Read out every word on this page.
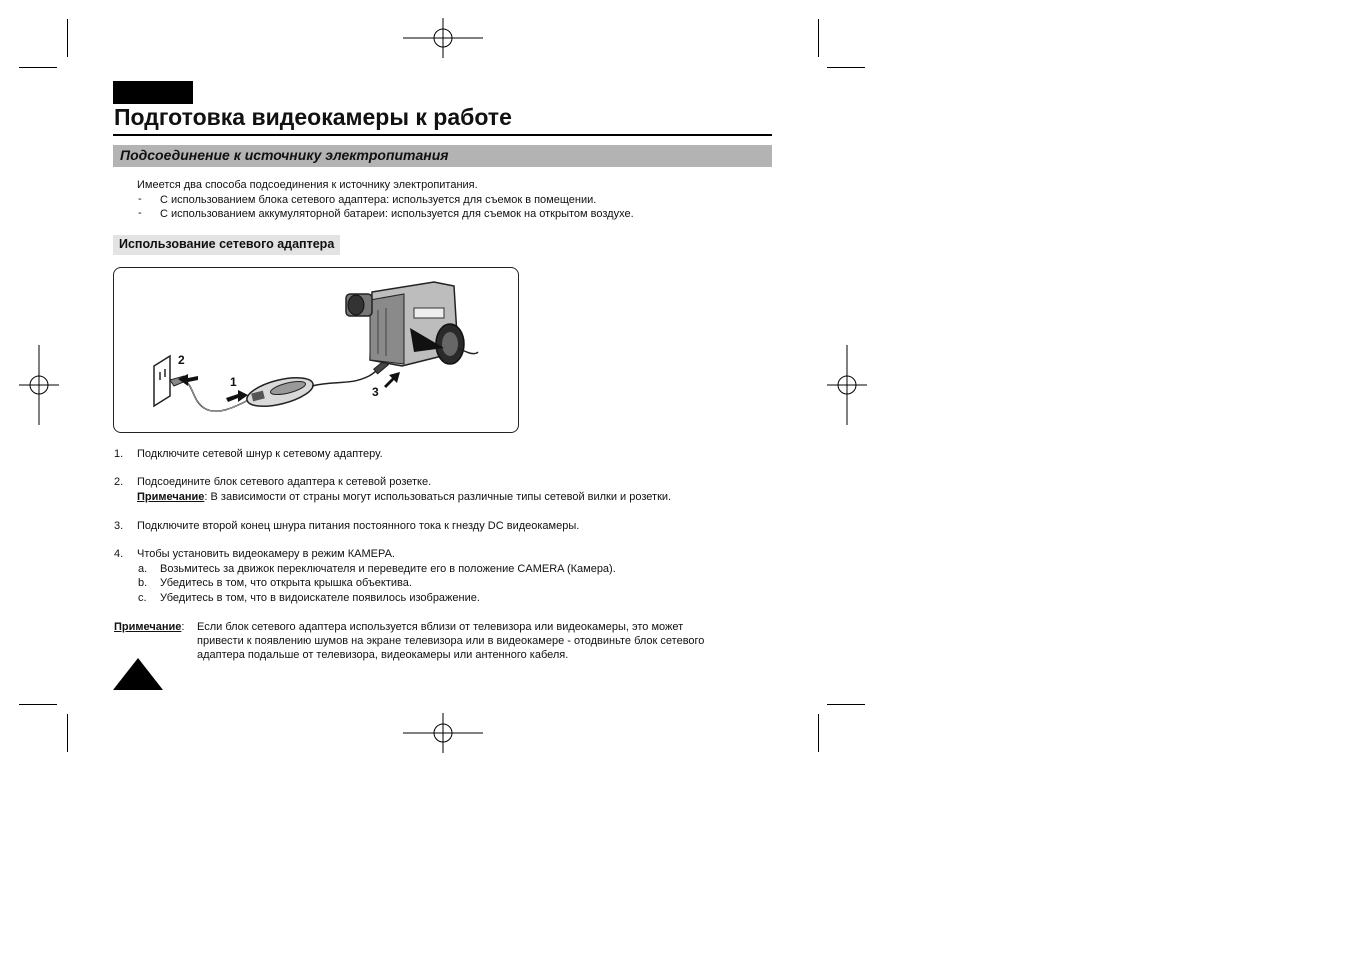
Подготовка видеокамеры к работе
Подсоединение к источнику электропитания
Имеется два способа подсоединения к источнику электропитания.
- С использованием блока сетевого адаптера: используется для съемок в помещении.
- С использованием аккумуляторной батареи: используется для съемок на открытом воздухе.
Использование сетевого адаптера
2
1
3
1. Подключите сетевой шнур к сетевому адаптеру.
2. Подсоедините блок сетевого адаптера к сетевой розетке.
Примечание: В зависимости от страны могут использоваться различные типы сетевой вилки и розетки.
3. Подключите второй конец шнура питания постоянного тока к гнезду DC видеокамеры.
4. Чтобы установить видеокамеру в режим КАМЕРА.
a. Возьмитесь за движок переключателя и переведите его в положение CAMERA (Камера).
b. Убедитесь в том, что открыта крышка объектива.
c. Убедитесь в том, что в видоискателе появилось изображение.
Примечание: Если блок сетевого адаптера используется вблизи от телевизора или видеокамеры, это может
привести к появлению шумов на экране телевизора или в видеокамере - отодвиньте блок сетевого
адаптера подальше от телевизора, видеокамеры или антенного кабеля.
